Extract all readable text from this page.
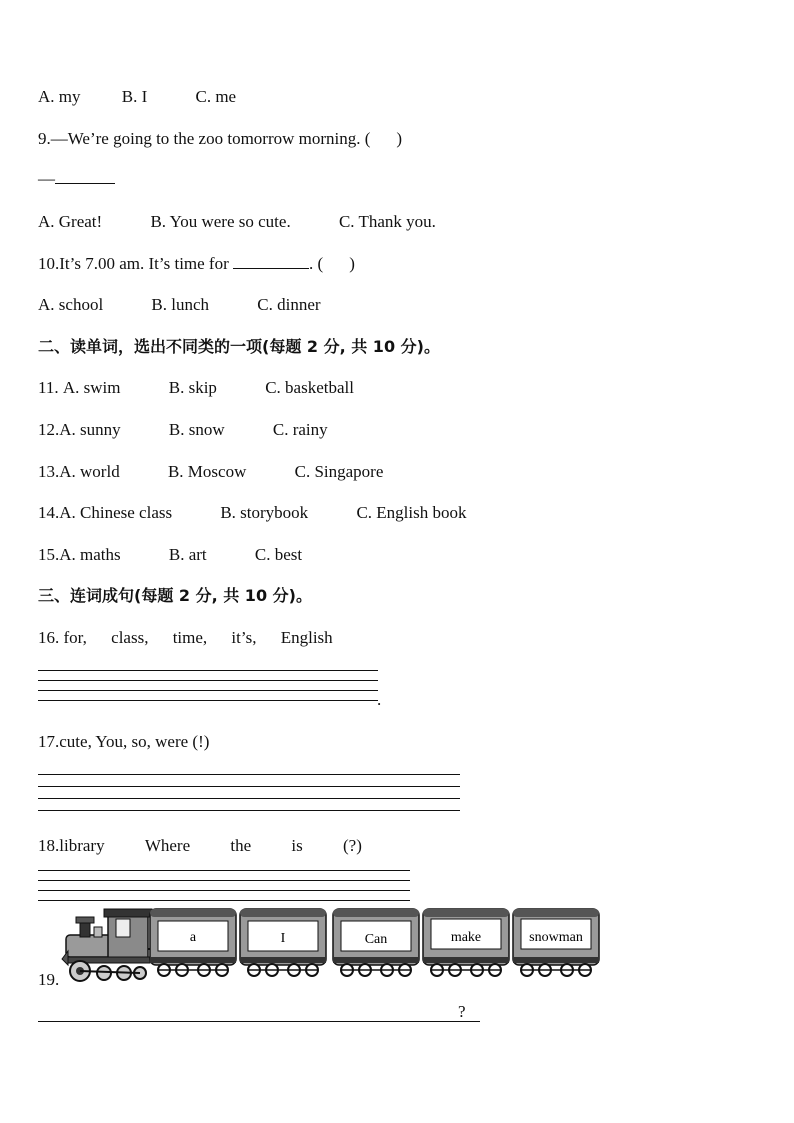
A. my B. I	C. me
9.—We’re going to the zoo tomorrow morning. ( )
—
A. Great!	B. You were so cute.	C. Thank you.
10.It’s 7.00 am. It’s time for	. ( )
A. school	B. lunch	C. dinner
二、读单词，选出不同类的一项(每题 2 分, 共 10 分)。
11. A. swim	B. skip	C. basketball
12.A. sunny	B. snow	C. rainy
13.A. world	B. Moscow	C. Singapore
14.A. Chinese class	B. storybook	C. English book
15.A. maths	B. art	C. best
三、连词成句(每题 2 分, 共 10 分)。
16. for, class, time, it’s, English
.
17.cute, You, so, were (!)
18.library Where the is (?)
a	I	Can	make	snowman
19.
?
